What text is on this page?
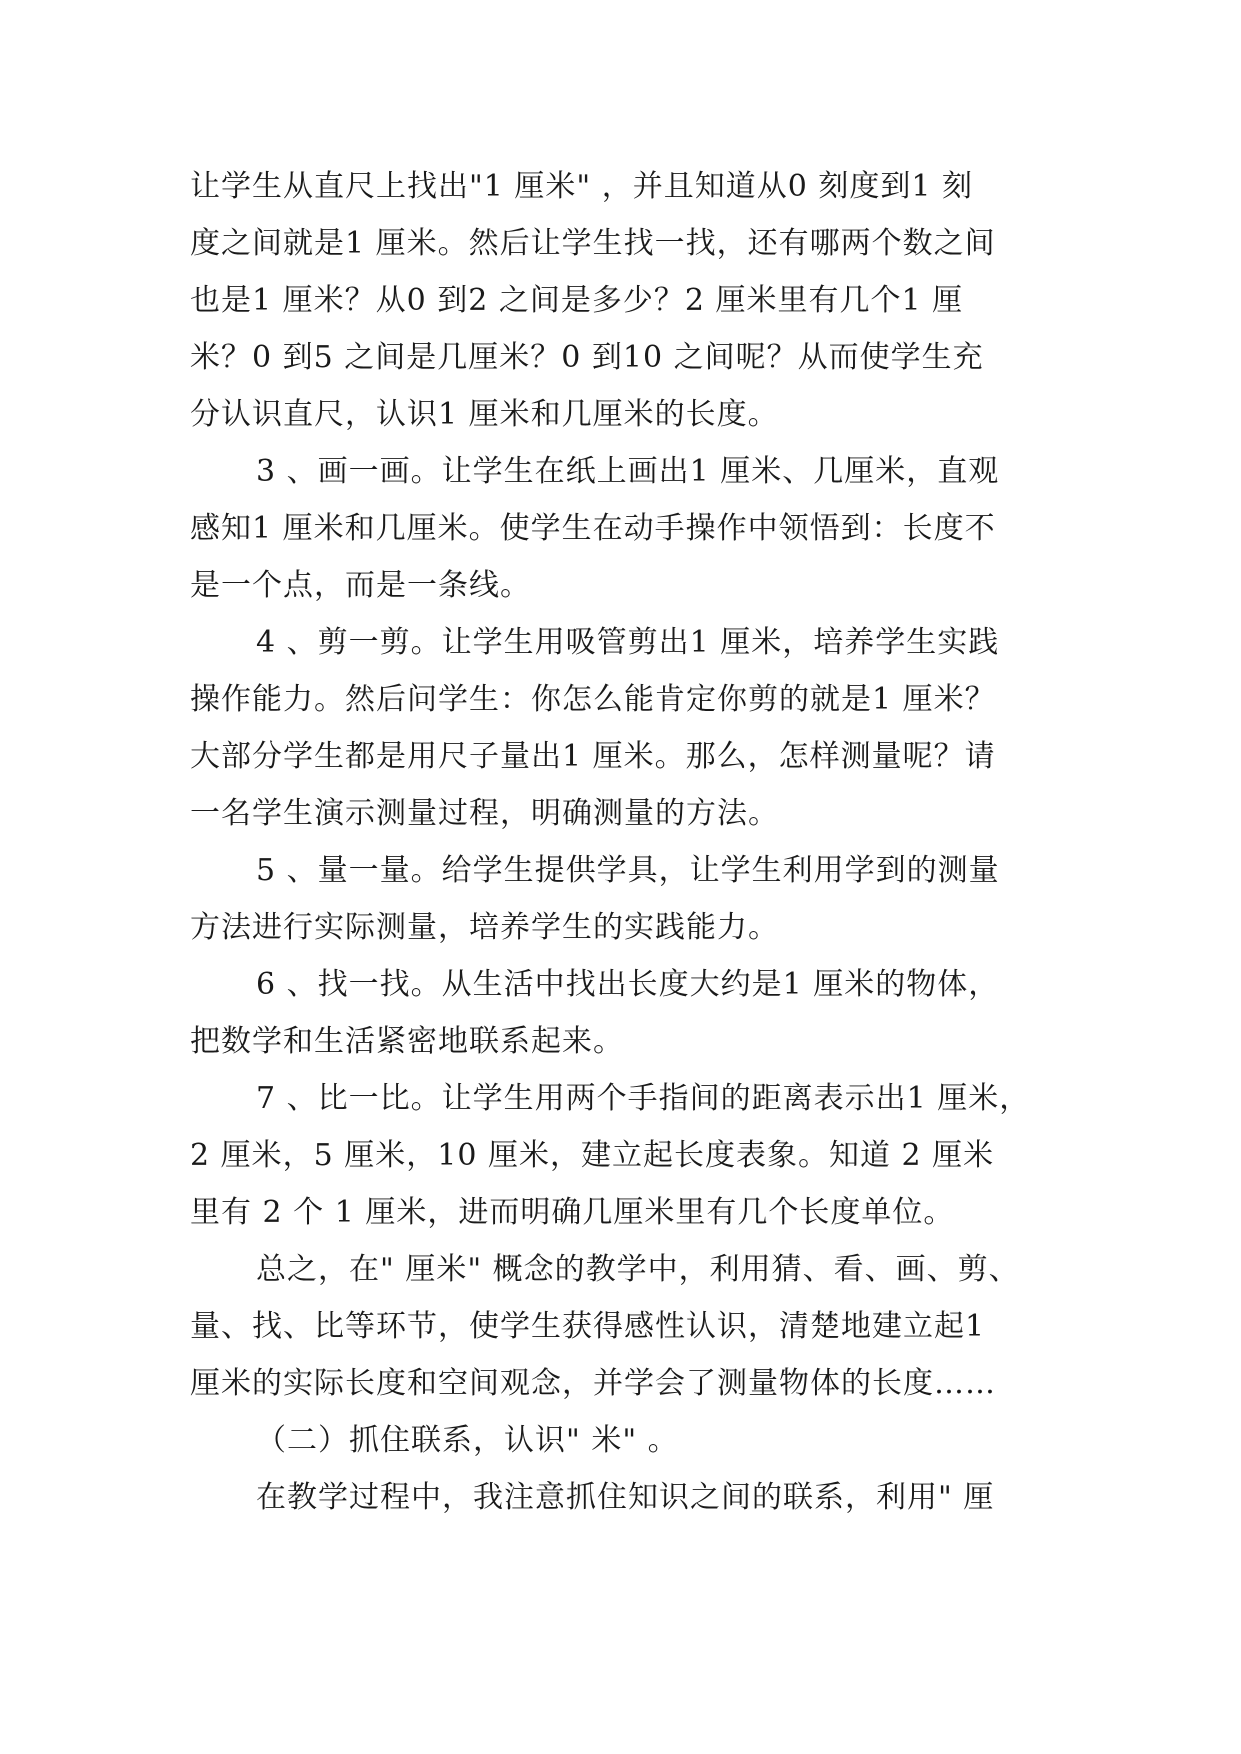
让学生从直尺上找出"1 厘米" ，并且知道从0 刻度到1 刻
度之间就是1 厘米。然后让学生找一找，还有哪两个数之间
也是1 厘米？从0 到2 之间是多少？2 厘米里有几个1 厘
米？0 到5 之间是几厘米？0 到10 之间呢？从而使学生充
分认识直尺，认识1 厘米和几厘米的长度。
3 、画一画。让学生在纸上画出1 厘米、几厘米，直观
感知1 厘米和几厘米。使学生在动手操作中领悟到：长度不
是一个点，而是一条线。
4 、剪一剪。让学生用吸管剪出1 厘米，培养学生实践
操作能力。然后问学生：你怎么能肯定你剪的就是1 厘米？
大部分学生都是用尺子量出1 厘米。那么，怎样测量呢？请
一名学生演示测量过程，明确测量的方法。
5 、量一量。给学生提供学具，让学生利用学到的测量
方法进行实际测量，培养学生的实践能力。
6 、找一找。从生活中找出长度大约是1 厘米的物体，
把数学和生活紧密地联系起来。
7 、比一比。让学生用两个手指间的距离表示出1 厘米，
2 厘米，5 厘米，10 厘米，建立起长度表象。知道 2 厘米
里有 2 个 1 厘米，进而明确几厘米里有几个长度单位。
总之，在" 厘米" 概念的教学中，利用猜、看、画、剪、
量、找、比等环节，使学生获得感性认识，清楚地建立起1
厘米的实际长度和空间观念，并学会了测量物体的长度……
（二）抓住联系，认识" 米" 。
在教学过程中，我注意抓住知识之间的联系，利用" 厘
